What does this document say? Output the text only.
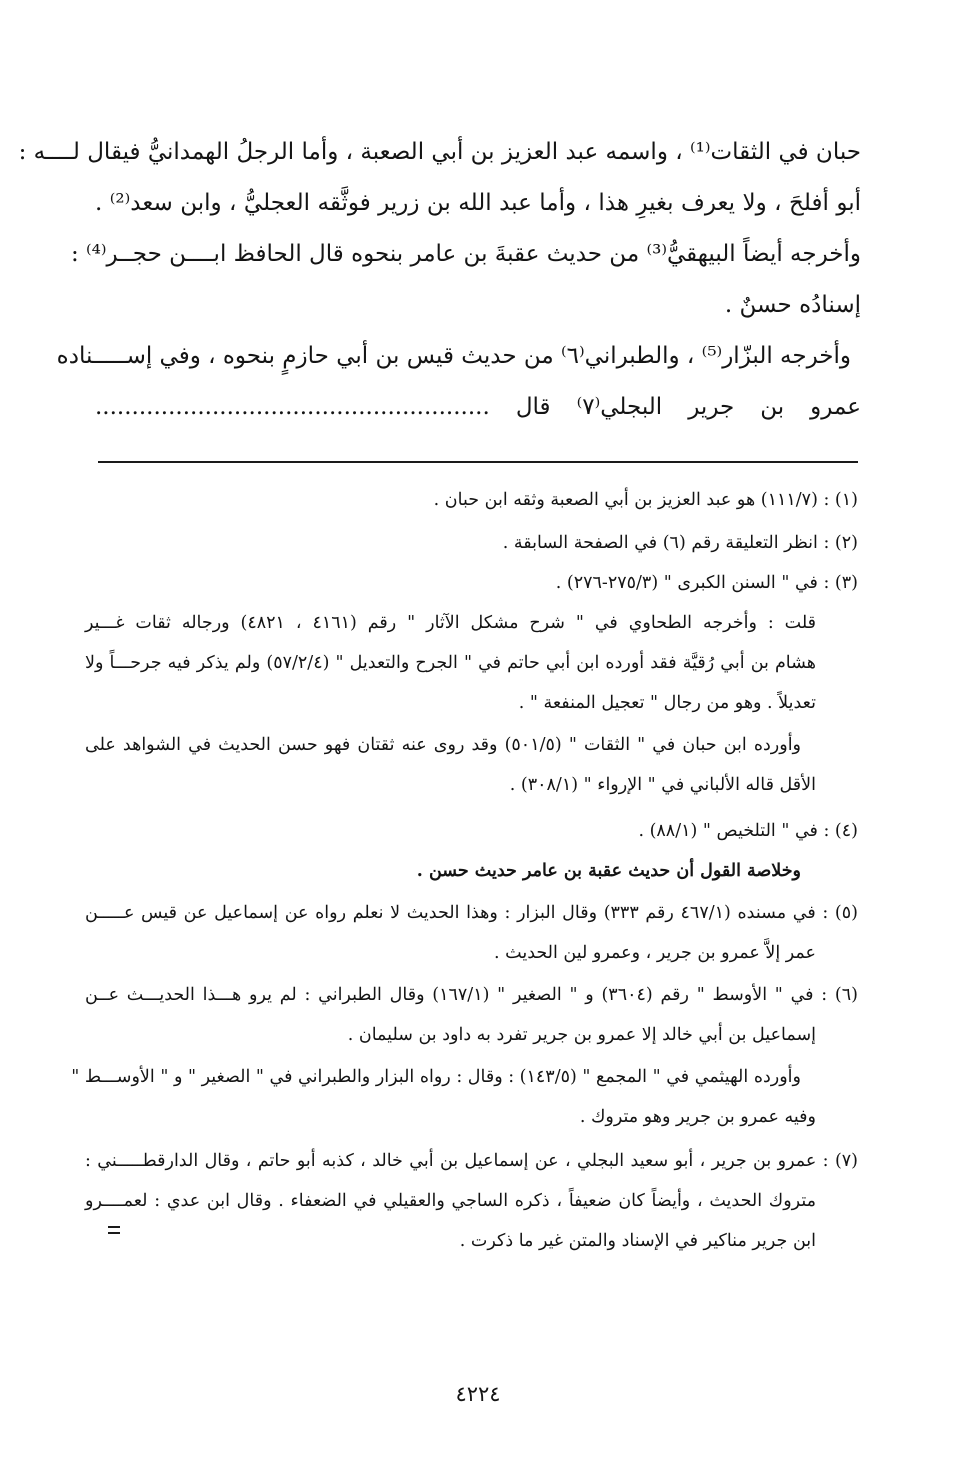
حبان في الثقات⁽¹⁾ ، واسمه عبد العزيز بن أبي الصعبة ، وأما الرجلُ الهمدانيُّ فيقال لــــه :
أبو أفلحَ ، ولا يعرف بغيرِ هذا ، وأما عبد الله بن زرير فوثَّقه العجليُّ ، وابن سعد⁽²⁾ .
وأخرجه أيضاً البيهقيُّ⁽³⁾ من حديث عقبةَ بن عامر بنحوه قال الحافظ ابــــن حجــر⁽⁴⁾ :
إسنادُه حسنٌ .
وأخرجه البزّار⁽⁵⁾ ، والطبراني⁽٦⁾ من حديث قيس بن أبي حازمٍ بنحوه ، وفي إســـــناده
عمرو بن جرير البجلي⁽٧⁾ قال ......................................................
(١) : (١١١/٧) هو عبد العزيز بن أبي الصعبة وثقه ابن حبان .
(٢) : انظر التعليقة رقم (٦) في الصفحة السابقة .
(٣) : في " السنن الكبرى " (٢٧٥/٣-٢٧٦) .
قلت : وأخرجه الطحاوي في " شرح مشكل الآثار " رقم (٤١٦١ ، ٤٨٢١) ورجاله ثقات غـــير
هشام بن أبي رُقيَّة فقد أورده ابن أبي حاتم في " الجرح والتعديل " (٥٧/٢/٤) ولم يذكر فيه جرحـــاً ولا
تعديلاً . وهو من رجال " تعجيل المنفعة " .
وأورده ابن حبان في " الثقات " (٥٠١/٥) وقد روى عنه ثقتان فهو حسن الحديث في الشواهد على
الأقل قاله الألباني في " الإرواء " (٣٠٨/١) .
(٤) : في " التلخيص " (٨٨/١) .
وخلاصة القول أن حديث عقبة بن عامر حديث حسن .
(٥) : في مسنده (٤٦٧/١ رقم ٣٣٣) وقال البزار : وهذا الحديث لا نعلم رواه عن إسماعيل عن قيس عـــــن
عمر إلاَّ عمرو بن جرير ، وعمرو لين الحديث .
(٦) : في " الأوسط " رقم (٣٦٠٤) و " الصغير " (١٦٧/١) وقال الطبراني : لم يرو هـــذا الحديـــث عــن
إسماعيل بن أبي خالد إلا عمرو بن جرير تفرد به داود بن سليمان .
وأورده الهيثمي في " المجمع " (١٤٣/٥) : وقال : رواه البزار والطبراني في " الصغير " و " الأوســـط "
وفيه عمرو بن جرير وهو متروك .
(٧) : عمرو بن جرير ، أبو سعيد البجلي ، عن إسماعيل بن أبي خالد ، كذبه أبو حاتم ، وقال الدارقطـــــني :
متروك الحديث ، وأيضاً كان ضعيفاً ، ذكره الساجي والعقيلي في الضعفاء . وقال ابن عدي : لعمــــرو
ابن جرير مناكير في الإسناد والمتن غير ما ذكرت .
٤٢٢٤
